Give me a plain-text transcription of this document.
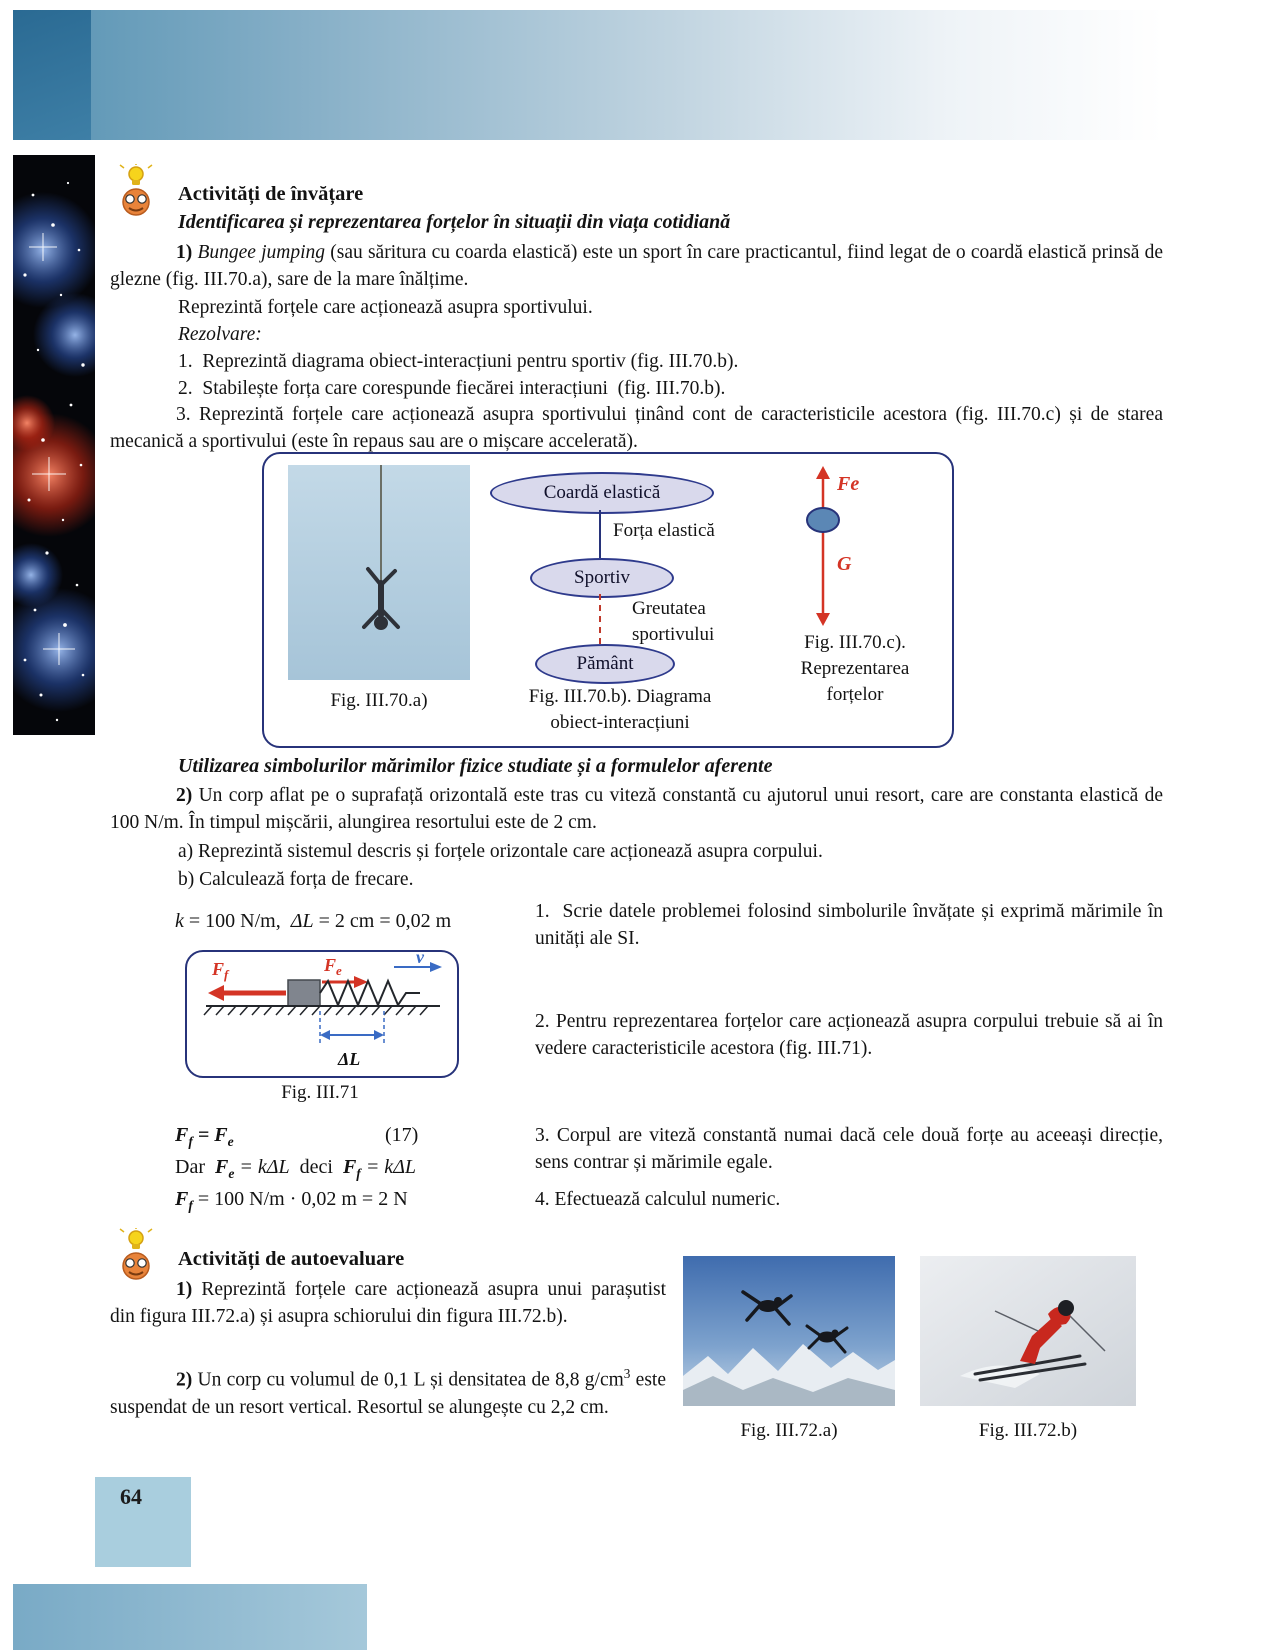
Activități de învățare
Identificarea și reprezentarea forțelor în situații din viața cotidiană
1) Bungee jumping (sau săritura cu coarda elastică) este un sport în care practicantul, fiind legat de o coardă elastică prinsă de glezne (fig. III.70.a), sare de la mare înălțime.
Reprezintă forțele care acționează asupra sportivului.
Rezolvare:
1.  Reprezintă diagrama obiect-interacțiuni pentru sportiv (fig. III.70.b).
2.  Stabilește forța care corespunde fiecărei interacțiuni  (fig. III.70.b).
3. Reprezintă forțele care acționează asupra sportivului ținând cont de caracteristicile acestora (fig. III.70.c) și de starea mecanică a sportivului (este în repaus sau are o mișcare accelerată).
Fig. III.70.a)
Coardă elastică
Forța elastică
Sportiv
Greutatea
sportivului
Pământ
Fig. III.70.b). Diagrama
obiect-interacțiuni
Fe
G
Fig. III.70.c).
Reprezentarea
forțelor
Utilizarea simbolurilor mărimilor fizice studiate și a formulelor aferente
2) Un corp aflat pe o suprafață orizontală este tras cu viteză constantă cu ajutorul unui resort, care are constanta elastică de 100 N/m. În timpul mișcării, alungirea resortului este de 2 cm.
a) Reprezintă sistemul descris și forțele orizontale care acționează asupra corpului.
b) Calculează forța de frecare.
k = 100 N/m,  ΔL = 2 cm = 0,02 m
$F_f$	$F_e$
v
ΔL
Fig. III.71
$F_f = F_e$	(17)
Dar  $F_e = k\Delta L$  deci  $F_f = k\Delta L$
$F_f = 100$ N/m · 0,02 m = 2 N
1.  Scrie datele problemei folosind simbolurile învățate și exprimă mărimile în unități ale SI.
2. Pentru reprezentarea forțelor care acționează asupra corpului trebuie să ai în vedere caracteristicile acestora (fig. III.71).
3. Corpul are viteză constantă numai dacă cele două forțe au aceeași direcție, sens contrar și mărimile egale.
4. Efectuează calculul numeric.
Activități de autoevaluare
1) Reprezintă forțele care acționează asupra unui parașutist din figura III.72.a) și asupra schiorului din figura III.72.b).
2) Un corp cu volumul de 0,1 L și densitatea de 8,8 $g/cm^3$ este suspendat de un resort vertical. Resortul se alungește cu 2,2 cm.
Fig. III.72.a)	Fig. III.72.b)
64
